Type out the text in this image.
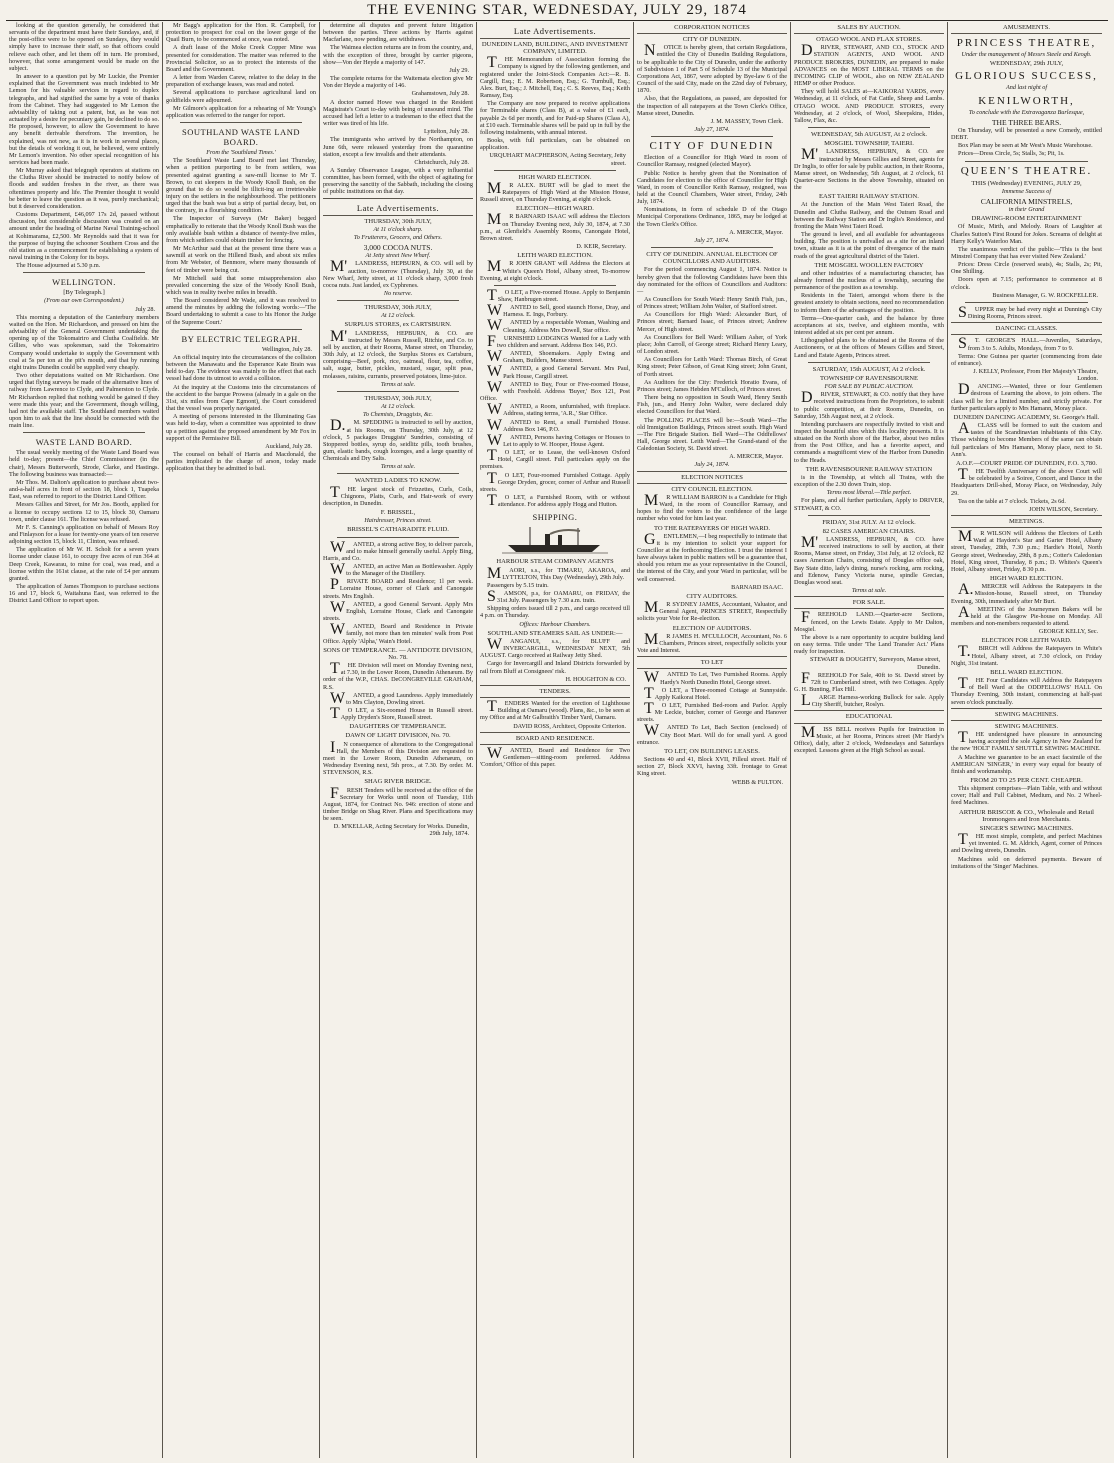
THE EVENING STAR, WEDNESDAY, JULY 29, 1874

looking at the question generally, he considered that servants of the department must have their Sundays, and, if the post-office were to be opened on Sundays, they would simply have to increase their staff, so that officers could relieve each other, and let them off in turn. He promised, however, that some arrangement would be made on the subject.

In answer to a question put by Mr Luckie, the Premier explained that the Government was much indebted to Mr Lemon for his valuable services in regard to duplex telegraphs, and had signified the same by a vote of thanks from the Cabinet. They had suggested to Mr Lemon the advisability of taking out a patent, but, as he was not actuated by a desire for pecuniary gain, he declined to do so. He proposed, however, to allow the Government to have any benefit derivable therefrom. The invention, he explained, was not new, as it is in work in several places, but the details of working it out, he believed, were entirely Mr Lemon's invention. No other special recognition of his services had been made.

Mr Murray asked that telegraph operators at stations on the Clutha River should be instructed to notify below of floods and sudden freshes in the river, as there was oftentimes property and life. The Premier thought it would be better to leave the question as it was, purely mechanical; but it deserved consideration.

Customs Department, £46,097 17s 2d, passed without discussion, but considerable discussion was created on an amount under the heading of Marine Naval Training-school at Kohimarama, £2,500. Mr Reynolds said that it was for the purpose of buying the schooner Southern Cross and the old station as a commencement for establishing a system of naval training in the Colony for its boys.

The House adjourned at 5.30 p.m.

WELLINGTON.
[By Telegraph.]
(From our own Correspondent.)
July 28.

This morning a deputation of the Canterbury members waited on the Hon. Mr Richardson, and pressed on him the advisability of the General Government undertaking the opening up of the Tokomairiro and Clutha Coalfields. Mr Gillies, who was spokesman, said the Tokomairiro Company would undertake to supply the Government with coal at 5s per ton at the pit's mouth, and that by running eight trains Dunedin could be supplied very cheaply.

Two other deputations waited on Mr Richardson. One urged that flying surveys be made of the alternative lines of railway from Lawrence to Clyde, and Palmerston to Clyde. Mr Richardson replied that nothing would be gained if they were made this year; and the Government, though willing, had not the available staff. The Southland members waited upon him to ask that the line should be connected with the main line.

WASTE LAND BOARD.

The usual weekly meeting of the Waste Land Board was held to-day; present—the Chief Commissioner (in the chair), Messrs Butterworth, Strode, Clarke, and Hastings. The following business was transacted:—

Mr Thos. M. Dalton's application to purchase about two-and-a-half acres in front of section 18, block 1, Tuapeka East, was referred to report to the District Land Officer.

Messrs Gillies and Street, for Mr Jos. Booth, applied for a license to occupy sections 12 to 15, block 30, Oamaru town, under clause 161. The license was refused.

Mr F. S. Canning's application on behalf of Messrs Roy and Finlayson for a lease for twenty-one years of ten reserve adjoining section 15, block 11, Clinton, was refused.

The application of Mr W. H. Scholt for a seven years license under clause 161, to occupy five acres of run 364 at Deep Creek, Kawarau, to mine for coal, was read, and a license within the 161st clause, at the rate of £4 per annum granted.

The application of James Thompson to purchase sections 16 and 17, block 6, Waitahuna East, was referred to the District Land Officer to report upon.

Mr Bagg's application for the Hon. R. Campbell, for protection to prospect for coal on the lower gorge of the Quail Burn, to be commenced at once, was noted.

A draft lease of the Moke Creek Copper Mine was presented for consideration. The matter was referred to the Provincial Solicitor, so as to protect the interests of the Board and the Government.

A letter from Warden Carew, relative to the delay in the preparation of exchange leases, was read and noted.

Several applications to purchase agricultural land on goldfields were adjourned.

Mr Gilmore's application for a rehearing of Mr Young's application was referred to the ranger for report.

SOUTHLAND WASTE LAND BOARD.
From the 'Southland Times.'

The Southland Waste Land Board met last Thursday, when a petition purporting to be from settlers, was presented against granting a saw-mill license to Mr T. Brown, to cut sleepers in the Woody Knoll Bush, on the ground that to do so would be illicit-ing an irretrievable injury on the settlers in the neighbourhood. The petitioners urged that the bush was but a strip of partial decay, but, on the contrary, in a flourishing condition.

The Inspector of Surveys (Mr Baker) begged emphatically to reiterate that the Woody Knoll Bush was the only available bush within a distance of twenty-five miles, from which settlers could obtain timber for fencing.

Mr McArthur said that at the present time there was a sawmill at work on the Hillend Bush, and about six miles from Mr Webster, of Benmore, where many thousands of feet of timber were being cut.

Mr Mitchell said that some misapprehension also prevailed concerning the size of the Woody Knoll Bush, which was in reality twelve miles in breadth.

The Board considered Mr Wade, and it was resolved to amend the minutes by adding the following words:—'The Board undertaking to submit a case to his Honor the Judge of the Supreme Court.'

BY ELECTRIC TELEGRAPH.
Wellington, July 28.

An official inquiry into the circumstances of the collision between the Manawatu and the Esperance Kate Brain was held to-day. The evidence was mainly to the effect that each vessel had done its utmost to avoid a collision.

At the inquiry at the Customs into the circumstances of the accident to the barque Prowess (already in a gale on the 31st, six miles from Cape Egmont), the Court considered that the vessel was properly navigated.

A meeting of persons interested in the Illuminating Gas was held to-day, when a committee was appointed to draw up a petition against the proposed amendment by Mr Fox in support of the Permissive Bill.

Auckland, July 28.

The counsel on behalf of Harris and Macdonald, the parties implicated in the charge of arson, today made application that they be admitted to bail.

determine all disputes and prevent future litigation between the parties. Three actions by Harris against Macfarlane, now pending, are withdrawn.

The Waimea election returns are in from the country, and, with the exception of three, brought by carrier pigeons, show—Von der Heyde a majority of 147.

July 29.

The complete returns for the Waitemata election give Mr Von der Heyde a majority of 146.

Grahamstown, July 28.

A doctor named Howe was charged in the Resident Magistrate's Court to-day with being of unsound mind. The accused had left a letter to a tradesman to the effect that the writer was tired of his life.

Lyttelton, July 28.

The immigrants who arrived by the Northampton, on June 6th, were released yesterday from the quarantine station, except a few invalids and their attendants.

Christchurch, July 28.

A Sunday Observance League, with a very influential committee, has been formed, with the object of agitating for preserving the sanctity of the Sabbath, including the closing of public institutions on that day.

Late Advertisements.
THURSDAY, 30th JULY,
At 11 o'clock sharp.
To Fruiterers, Grocers, and Others.
3,000 COCOA NUTS.
At Jetty street New Wharf.

M'LANDRESS, HEPBURN, & CO. will sell by auction, to-morrow (Thursday), July 30, at the New Wharf, Jetty street, at 11 o'clock sharp, 3,000 fresh cocoa nuts. Just landed, ex Cyphrenes.

No reserve.
THURSDAY, 30th JULY,
At 12 o'clock.
SURPLUS STORES, ex CARTSBURN.

M'LANDRESS, HEPBURN, & CO. are instructed by Messrs Russell, Ritchie, and Co. to sell by auction, at their Rooms, Manse street, on Thursday, 30th July, at 12 o'clock, the Surplus Stores ex Cartsburn, comprising—Beef, pork, rice, oatmeal, flour, tea, coffee, salt, sugar, butter, pickles, mustard, sugar, split peas, molasses, raisins, currants, preserved potatoes, lime-juice.

Terms at sale.
THURSDAY, 30th JULY,
At 12 o'clock.
To Chemists, Druggists, &c.

D.M. SPEDDING is instructed to sell by auction, at his Rooms, on Thursday, 30th July, at 12 o'clock, 5 packages Druggists' Sundries, consisting of Stoppered bottles, syrup do, seidlitz pills, tooth brushes, gum, elastic bands, cough lozenges, and a large quantity of Chemicals and Dry Salts.

Terms at sale.
WANTED LADIES TO KNOW.

THE largest stock of Frizzettes, Curls, Coils, Chignons, Plaits, Curls, and Hair-work of every description, in Dunedin.

F. BRISSEL,
Hairdresser, Princes street.
BRISSEL'S CATHARADITE FLUID.

WANTED, a strong active Boy, to deliver parcels, and to make himself generally useful. Apply Bing, Harris, and Co.

WANTED, an active Man as Bottlewasher. Apply to the Manager of the Distillery.

PRIVATE BOARD and Residence; 1l per week. Lorraine House, corner of Clark and Canongate streets. Mrs English.

WANTED, a good General Servant. Apply Mrs English, Lorraine House, Clark and Canongate streets.

WANTED, Board and Residence in Private family, not more than ten minutes' walk from Post Office. Apply 'Alpha,' Wain's Hotel.

SONS OF TEMPERANCE. — ANTIDOTE DIVISION, No. 78.

THE Division will meet on Monday Evening next, at 7.30, in the Lower Room, Dunedin Athenæum. By order of the W.P., CHAS. DeCONGREVILLE GRAHAM, R.S.

WANTED, a good Laundress. Apply immediately to Mrs Clayton, Dowling street.

TO LET, a Six-roomed House in Russell street. Apply Dryden's Store, Russell street.

DAUGHTERS OF TEMPERANCE.
DAWN OF LIGHT DIVISION, No. 70.

IN consequence of alterations to the Congregational Hall, the Members of this Division are requested to meet in the Lower Room, Dunedin Athenæum, on Wednesday Evening next, 5th prox., at 7.30. By order. M. STEVENSON, R.S.

SHAG RIVER BRIDGE.

FRESH Tenders will be received at the office of the Secretary for Works until noon of Tuesday, 11th August, 1874, for Contract No. 946: erection of stone and timber Bridge on Shag River. Plans and Specifications may be seen.

D. M'KELLAR, Acting Secretary for Works. Dunedin, 29th July, 1874.
Late Advertisements.
DUNEDIN LAND, BUILDING, AND INVESTMENT COMPANY, LIMITED.

THE Memorandum of Association forming the Company is signed by the following gentlemen, and registered under the Joint-Stock Companies Act:—R. B. Cargill, Esq.; E. M. Robertson, Esq.; G. Turnbull, Esq.; Alex. Burt, Esq.; J. Mitchell, Esq.; C. S. Reeves, Esq.; Keith Ramsay, Esq.

The Company are now prepared to receive applications for Terminable shares (Class B), at a value of £1 each, payable 2s 6d per month, and for Paid-up Shares (Class A), at £10 each. Terminable shares will be paid up in full by the following instalments, with annual interest.

Books, with full particulars, can be obtained on application.

URQUHART MACPHERSON, Acting Secretary, Jetty street.
HIGH WARD ELECTION.

MR ALEX. BURT will be glad to meet the Ratepayers of High Ward at the Mission House, Russell street, on Thursday Evening, at eight o'clock.

ELECTION—HIGH WARD.

MR BARNARD ISAAC will address the Electors on Thursday Evening next, July 30, 1874, at 7.30 p.m., at Glenfield's Assembly Rooms, Canongate Hotel, Brown street.

D. KEIR, Secretary.
LEITH WARD ELECTION.

MR JOHN GRANT will Address the Electors at White's Queen's Hotel, Albany street, To-morrow Evening, at eight o'clock.

TO LET, a Five-roomed House. Apply to Benjamin Shaw, Hanbrugen street.

WANTED to Sell, good staunch Horse, Dray, and Harness. E. Ings, Forbury.

WANTED by a respectable Woman, Washing and Cleaning. Address Mrs Dowell, Star office.

FURNISHED LODGINGS Wanted for a Lady with two children and servant. Address Box 146, P.O.

WANTED, Shoemakers. Apply Ewing and Graham, Builders, Manse street.

WANTED, a good General Servant. Mrs Paul, Park House, Cargill street.

WANTED to Buy, Four or Five-roomed House, with Freehold. Address 'Buyer,' Box 121, Post Office.

WANTED, a Room, unfurnished, with fireplace. Address, stating terms, 'A.R.,' Star Office.

WANTED to Rent, a small Furnished House. Address Box 146, P.O.

WANTED, Persons having Cottages or Houses to Let to apply to W. Hooper, House Agent.

TO LET, or to Lease, the well-known Oxford Hotel, Cargill street. Full particulars apply on the premises.

TO LET, Four-roomed Furnished Cottage. Apply George Dryden, grocer, corner of Arthur and Russell streets.

TO LET, a Furnished Room, with or without attendance. For address apply Hogg and Hutton.

SHIPPING.
HARBOUR STEAM COMPANY AGENTS

MAORI, s.s., for TIMARU, AKAROA, and LYTTELTON, This Day (Wednesday), 29th July.

Passengers by 5.15 train.

SAMSON, p.s, for OAMARU, on FRIDAY, the 31st July. Passengers by 7.30 a.m. train.

Shipping orders issued till 2 p.m., and cargo received till 4 p.m. on Thursday.

Offices: Harbour Chambers.
SOUTHLAND STEAMERS SAIL AS UNDER:—

WANGANUI, s.s., for BLUFF and INVERCARGILL, WEDNESDAY NEXT, 5th AUGUST. Cargo received at Railway Jetty Shed.

Cargo for Invercargill and Inland Districts forwarded by rail from Bluff at Consignees' risk.

H. HOUGHTON & CO.
TENDERS.

TENDERS Wanted for the erection of Lighthouse Building at Oamaru (wood). Plans, &c., to be seen at my Office and at Mr Galbraith's Timber Yard, Oamaru.

DAVID ROSS, Architect, Opposite Criterion.
BOARD AND RESIDENCE.

WANTED, Board and Residence for Two Gentlemen—sitting-room preferred. Address 'Comfort,' Office of this paper.

CORPORATION NOTICES
CITY OF DUNEDIN.

NOTICE is hereby given, that certain Regulations, entitled the City of Dunedin Building Regulations, to be applicable to the City of Dunedin, under the authority of Subdivision 1 of Part 5 of Schedule 13 of the Municipal Corporations Act, 1867, were adopted by Bye-law 6 of the Council of the said City, made on the 22nd day of February, 1870.

Also, that the Regulations, as passed, are deposited for the inspection of all ratepayers at the Town Clerk's Office, Manse street, Dunedin.

J. M. MASSEY, Town Clerk.
July 27, 1874.
CITY OF DUNEDIN

Election of a Councillor for High Ward in room of Councillor Ramsay, resigned (elected Mayor).

Public Notice is hereby given that the Nomination of Candidates for election to the office of Councillor for High Ward, in room of Councillor Keith Ramsay, resigned, was held at the Council Chambers, Water street, Friday, 24th July, 1874.

Nominations, in form of schedule D of the Otago Municipal Corporations Ordinance, 1865, may be lodged at the Town Clerk's Office.

A. MERCER, Mayor.
July 27, 1874.
CITY OF DUNEDIN. ANNUAL ELECTION OF COUNCILLORS AND AUDITORS.

For the period commencing August 1, 1874. Notice is hereby given that the following Candidates have been this day nominated for the offices of Councillors and Auditors:—

As Councillors for South Ward: Henry Smith Fish, jun., of Princes street; William John Walter, of Stafford street.

As Councillors for High Ward: Alexander Burt, of Princes street; Barnard Isaac, of Princes street; Andrew Mercer, of High street.

As Councillors for Bell Ward: William Asher, of York place; John Carroll, of George street; Richard Henry Leary, of London street.

As Councillors for Leith Ward: Thomas Birch, of Great King street; Peter Gibson, of Great King street; John Grant, of Forth street.

As Auditors for the City: Frederick Horatio Evans, of Princes street; James Hebden M'Culloch, of Princes street.

There being no opposition in South Ward, Henry Smith Fish, jun., and Henry John Walter, were declared duly elected Councillors for that Ward.

The POLLING PLACES will be:—South Ward—The old Immigration Buildings, Princes street south. High Ward—The Fire Brigade Station. Bell Ward—The Oddfellows' Hall, George street. Leith Ward—The Grand-stand of the Caledonian Society, St. David street.

A. MERCER, Mayor.
July 24, 1874.
ELECTION NOTICES
CITY COUNCIL ELECTION.

MR WILLIAM BARRON is a Candidate for High Ward, in the room of Councillor Ramsay, and hopes to find the voters to the confidence of the large number who voted for him last year.

TO THE RATEPAYERS OF HIGH WARD.

GENTLEMEN,—I beg respectfully to intimate that it is my intention to solicit your support for Councillor at the forthcoming Election. I trust the interest I have always taken in public matters will be a guarantee that, should you return me as your representative in the Council, the interest of the City, and your Ward in particular, will be well conserved.

BARNARD ISAAC.
CITY AUDITORS.

MR SYDNEY JAMES, Accountant, Valuator, and General Agent, PRINCES STREET, Respectfully solicits your Vote for Re-election.

ELECTION OF AUDITORS.

MR JAMES H. M'CULLOCH, Accountant, No. 6 Chambers, Princes street, respectfully solicits your Vote and Interest.

TO LET

WANTED To Let, Two Furnished Rooms. Apply Hardy's North Dunedin Hotel, George street.

TO LET, a Three-roomed Cottage at Sunnyside. Apply Kaikorai Hotel.

TO LET, Furnished Bed-room and Parlor. Apply Mr Leckie, butcher, corner of George and Hanover streets.

WANTED To Let, Bach Section (enclosed) of City Boot Mart. Will do for small yard. A good entrance.

TO LET, ON BUILDING LEASES.

Sections 40 and 41, Block XVII, Filleul street. Half of section 27, Block XXVI, having 33ft. frontage to Great King street.

WEBB & FULTON.
SALES BY AUCTION.
OTAGO WOOL AND FLAX STORES.

DRIVER, STEWART, AND CO., STOCK AND STATION AGENTS, AND WOOL AND PRODUCE BROKERS, DUNEDIN, are prepared to make ADVANCES on the MOST LIBERAL TERMS on the INCOMING CLIP of WOOL, also on NEW ZEALAND HEMP or other Produce.

They will hold SALES at—KAIKORAI YARDS, every Wednesday, at 11 o'clock, of Fat Cattle, Sheep and Lambs. OTAGO WOOL AND PRODUCE STORES, every Wednesday, at 2 o'clock, of Wool, Sheepskins, Hides, Tallow, Flax, &c.

WEDNESDAY, 5th AUGUST, At 2 o'clock.
MOSGIEL TOWNSHIP, TAIERI.

M'LANDRESS, HEPBURN, & CO. are instructed by Messrs Gillies and Street, agents for Dr Inglis, to offer for sale by public auction, in their Rooms, Manse street, on Wednesday, 5th August, at 2 o'clock, 61 Quarter-acre Sections in the above Township, situated on the

EAST TAIERI RAILWAY STATION.

At the Junction of the Main West Taieri Road, the Dunedin and Clutha Railway, and the Outram Road and between the Railway Station and Dr Inglis's Residence, and fronting the Main West Taieri Road.

The ground is level, and all available for advantageous building. The position is unrivalled as a site for an inland town, situate as it is at the point of divergence of the main roads of the great agricultural district of the Taieri.

THE MOSGIEL WOOLLEN FACTORY

and other industries of a manufacturing character, has already formed the nucleus of a township, securing the permanence of the position as a township.

Residents in the Taieri, amongst whom there is the greatest anxiety to obtain sections, need no recommendation to inform them of the advantages of the position.

Terms—One-quarter cash, and the balance by three acceptances at six, twelve, and eighteen months, with interest added at six per cent per annum.

Lithographed plans to be obtained at the Rooms of the Auctioneers, or at the offices of Messrs Gillies and Street, Land and Estate Agents, Princes street.

SATURDAY, 15th AUGUST, At 2 o'clock.
TOWNSHIP OF RAVENSBOURNE
FOR SALE BY PUBLIC AUCTION.

DRIVER, STEWART, & CO. notify that they have received instructions from the Proprietors, to submit to public competition, at their Rooms, Dunedin, on Saturday, 15th August next, at 2 o'clock.

Intending purchasers are respectfully invited to visit and inspect the beautiful sites which this locality presents. It is situated on the North shore of the Harbor, about two miles from the Post Office, and has a favorite aspect, and commands a magnificent view of the Harbor from Dunedin to the Heads.

THE RAVENSBOURNE RAILWAY STATION

is in the Township, at which all Trains, with the exception of the 2.30 down Train, stop.

Terms most liberal.—Title perfect.

For plans, and all further particulars, Apply to DRIVER, STEWART, & CO.

FRIDAY, 31st JULY. At 12 o'clock.
82 CASES AMERICAN CHAIRS.

M'LANDRESS, HEPBURN, & CO. have received instructions to sell by auction, at their Rooms, Manse street, on Friday, 31st July, at 12 o'clock, 82 cases American Chairs, consisting of Douglas office oak, Bay State ditto, lady's dining, nurse's rocking, arm rocking, and Edenow, Fancy Victoria nurse, spindle Grecian, Douglas wood seat.

Terms at sale.
FOR SALE.

FREEHOLD LAND.—Quarter-acre Sections, fenced, on the Lewis Estate. Apply to Mr Dalton, Mosgiel.

The above is a rare opportunity to acquire building land on easy terms. Title under 'The Land Transfer Act.' Plans ready for inspection.

STEWART & DOUGHTY, Surveyors, Manse street, Dunedin.

FREEHOLD For Sale, 40ft to St. David street by 72ft to Cumberland street, with two Cottages. Apply G. H. Bunting, Flax Hill.

LARGE Harness-working Bullock for sale. Apply City Sheriff, butcher, Roslyn.

EDUCATIONAL

MISS BELL receives Pupils for Instruction in Music, at her Rooms, Princes street (Mr Hardy's Office), daily, after 2 o'clock, Wednesdays and Saturdays excepted. Lessons given at the High School as usual.

AMUSEMENTS.
PRINCESS THEATRE,
Under the management of Messrs Steele and Keogh.
WEDNESDAY, 29th JULY,
GLORIOUS SUCCESS,
And last night of
KENILWORTH,
To conclude with the Extravaganza Burlesque,
THE THREE BEARS.

On Thursday, will be presented a new Comedy, entitled DEBT.

Box Plan may be seen at Mr West's Music Warehouse.

Prices—Dress Circle, 5s; Stalls, 3s; Pit, 1s.

QUEEN'S THEATRE.
THIS (Wednesday) EVENING, JULY 29,
Immense Success of
CALIFORNIA MINSTRELS,
in their Grand
DRAWING-ROOM ENTERTAINMENT

Of Music, Mirth, and Melody. Roars of Laughter at Charles Sutton's First Round for Jokes. Screams of delight at Harry Kelly's Waterloo Man.

The unanimous verdict of the public—'This is the best Minstrel Company that has ever visited New Zealand.'

Prices: Dress Circle (reserved seats), 4s; Stalls, 2s; Pit, One Shilling.

Doors open at 7.15; performance to commence at 8 o'clock.

Business Manager, G. W. ROCKFELLER.

SUPPER may be had every night at Dunning's City Dining Rooms, Princes street.

DANCING CLASSES.

ST. GEORGE'S HALL.—Juveniles, Saturdays, from 3 to 5. Adults, Mondays, from 7 to 9.

Terms: One Guinea per quarter (commencing from date of entrance).

J. KELLY, Professor, From Her Majesty's Theatre, London.

DANCING.—Wanted, three or four Gentlemen desirous of Learning the above, to join others. The class will be for a limited number, and strictly private. For further particulars apply to Mrs Hamann, Moray place.

DUNEDIN DANCING ACADEMY, St. George's Hall.

ACLASS will be formed to suit the custom and tastes of the Scandinavian inhabitants of this City. Those wishing to become Members of the same can obtain full particulars of Mrs Hamann, Moray place, next to St. Ann's.

A.O.F.—COURT PRIDE OF DUNEDIN, F.O. 3,780.

THE Twelfth Anniversary of the above Court will be celebrated by a Soiree, Concert, and Dance in the Headquarters Drill-shed, Moray Place, on Wednesday, July 29.

Tea on the table at 7 o'clock. Tickets, 2s 6d.

JOHN WILSON, Secretary.
MEETINGS.

MR WILSON will Address the Electors of Leith Ward at Haydon's Star and Garter Hotel, Albany street, Tuesday, 28th, 7.30 p.m.; Hardie's Hotel, North George street, Wednesday, 29th, 8 p.m.; Cotter's Caledonian Hotel, King street, Thursday, 8 p.m.; D. Whites's Queen's Hotel, Albany street, Friday, 8 30 p.m.

HIGH WARD ELECTION.

A.MERCER will Address the Ratepayers in the Mission-house, Russell street, on Thursday Evening, 30th, immediately after Mr Burt.

AMEETING of the Journeymen Bakers will be held at the Glasgow Pie-house on Monday. All members and non-members requested to attend.

GEORGE KELLY, Sec.
ELECTION FOR LEITH WARD.

T.BIRCH will Address the Ratepayers in White's Hotel, Albany street, at 7.30 o'clock, on Friday Night, 31st instant.

BELL WARD ELECTION.

THE Four Candidates will Address the Ratepayers of Bell Ward at the ODDFELLOWS' HALL On Thursday Evening, 30th instant, commencing at half-past seven o'clock punctually.

SEWING MACHINES.
SEWING MACHINES.

THE undersigned have pleasure in announcing having accepted the sole Agency in New Zealand for the new 'HOLT' FAMILY SHUTTLE SEWING MACHINE.

A Machine we guarantee to be an exact facsimile of the AMERICAN 'SINGER,' in every way equal for beauty of finish and workmanship.

FROM 20 TO 25 PER CENT. CHEAPER.

This shipment comprises—Plain Table, with and without cover; Half and Full Cabinet, Medium, and No. 2 Wheel-feed Machines.

ARTHUR BRISCOE & CO., Wholesale and Retail Ironmongers and Iron Merchants.
SINGER'S SEWING MACHINES.

THE most simple, complete, and perfect Machines yet invented. G. M. Aldrich, Agent, corner of Princes and Dowling streets, Dunedin.

Machines sold on deferred payments. Beware of imitations of the 'Singer' Machines.
